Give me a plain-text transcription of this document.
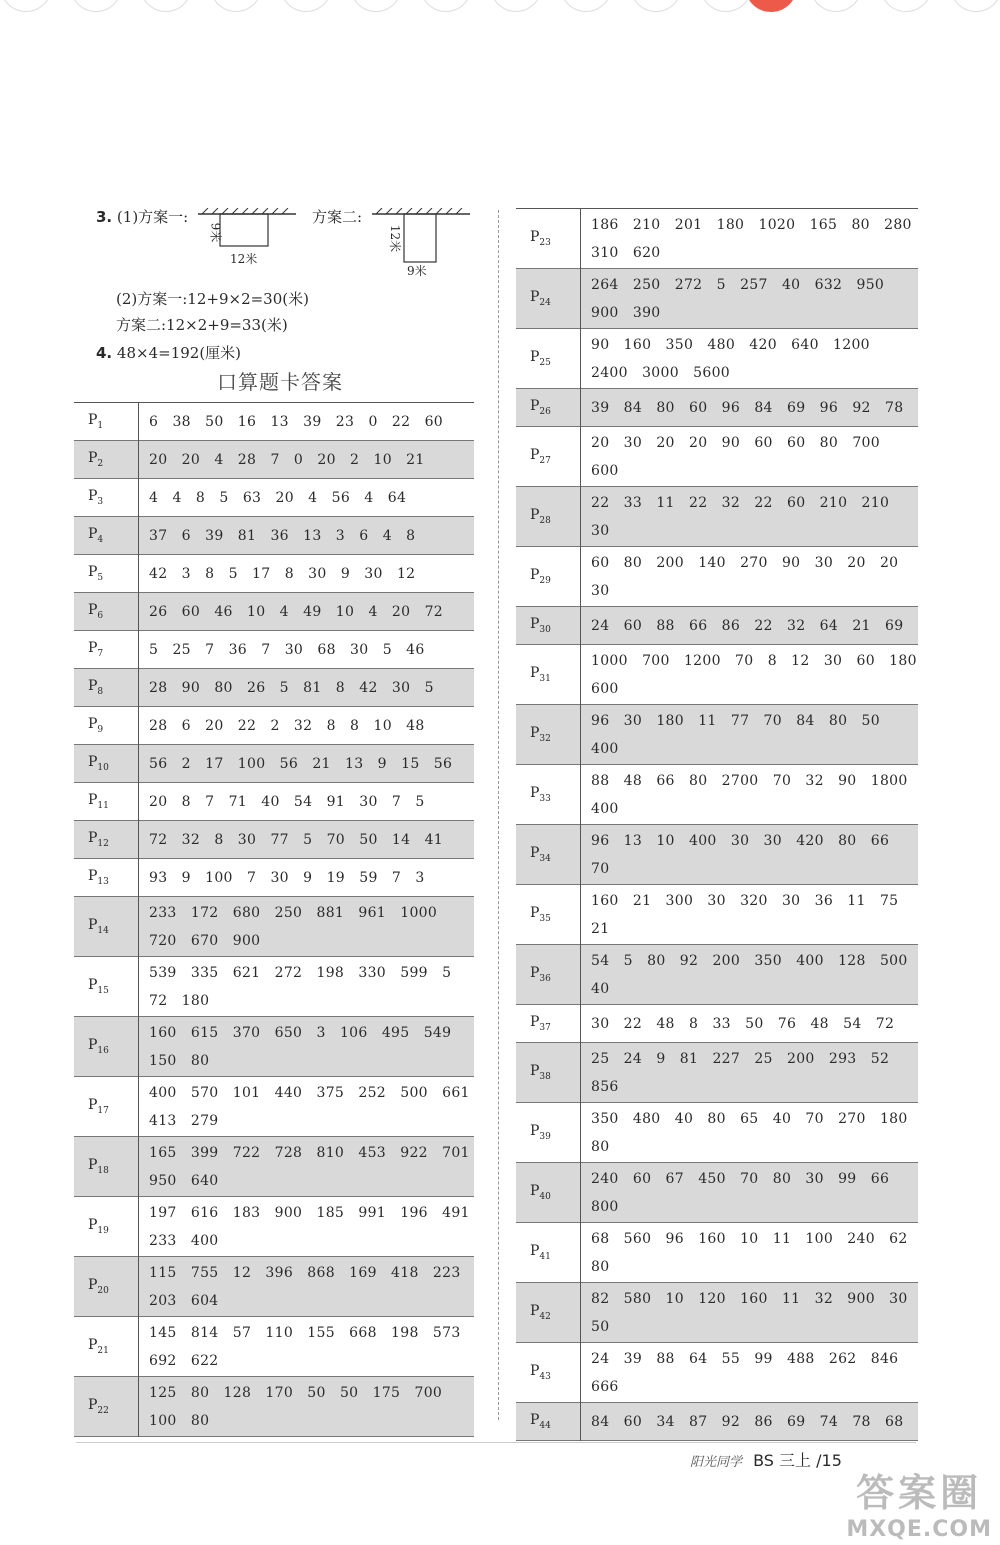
3. (1)方案一:	方案二:
9米
12米
12米
9米
(2)方案一:12+9×2=30(米)
方案二:12×2+9=33(米)
4. 48×4=192(厘米)
口算题卡答案
$P_1$	6   38   50   16   13   39   23   0   22   60

$P_2$	20   20   4   28   7   0   20   2   10   21

$P_3$	4   4   8   5   63   20   4   56   4   64

$P_4$	37   6   39   81   36   13   3   6   4   8

$P_5$	42   3   8   5   17   8   30   9   30   12

$P_6$	26   60   46   10   4   49   10   4   20   72

$P_7$	5   25   7   36   7   30   68   30   5   46

$P_8$	28   90   80   26   5   81   8   42   30   5

$P_9$	28   6   20   22   2   32   8   8   10   48

$P_{10}$	56   2   17   100   56   21   13   9   15   56

$P_{11}$	20   8   7   71   40   54   91   30   7   5

$P_{12}$	72   32   8   30   77   5   70   50   14   41

$P_{13}$	93   9   100   7   30   9   19   59   7   3

$P_{14}$	233   172   680   250   881   961   1000
720   670   900

$P_{15}$	539   335   621   272   198   330   599   5
72   180

$P_{16}$	160   615   370   650   3   106   495   549
150   80

$P_{17}$	400   570   101   440   375   252   500   661
413   279

$P_{18}$	165   399   722   728   810   453   922   701
950   640

$P_{19}$	197   616   183   900   185   991   196   491
233   400

$P_{20}$	115   755   12   396   868   169   418   223
203   604

$P_{21}$	145   814   57   110   155   668   198   573
692   622

$P_{22}$	125   80   128   170   50   50   175   700
100   80
$P_{23}$	186   210   201   180   1020   165   80   280
310   620

$P_{24}$	264   250   272   5   257   40   632   950
900   390

$P_{25}$	90   160   350   480   420   640   1200
2400   3000   5600

$P_{26}$	39   84   80   60   96   84   69   96   92   78

$P_{27}$	20   30   20   20   90   60   60   80   700
600

$P_{28}$	22   33   11   22   32   22   60   210   210
30

$P_{29}$	60   80   200   140   270   90   30   20   20
30

$P_{30}$	24   60   88   66   86   22   32   64   21   69

$P_{31}$	1000   700   1200   70   8   12   30   60   180
600

$P_{32}$	96   30   180   11   77   70   84   80   50
400

$P_{33}$	88   48   66   80   2700   70   32   90   1800
400

$P_{34}$	96   13   10   400   30   30   420   80   66
70

$P_{35}$	160   21   300   30   320   30   36   11   75
21

$P_{36}$	54   5   80   92   200   350   400   128   500
40

$P_{37}$	30   22   48   8   33   50   76   48   54   72

$P_{38}$	25   24   9   81   227   25   200   293   52
856

$P_{39}$	350   480   40   80   65   40   70   270   180
80

$P_{40}$	240   60   67   450   70   80   30   99   66
800

$P_{41}$	68   560   96   160   10   11   100   240   62
80

$P_{42}$	82   580   10   120   160   11   32   900   30
50

$P_{43}$	24   39   88   64   55   99   488   262   846
666

$P_{44}$	84   60   34   87   92   86   69   74   78   68
阳光同学 BS 三上 /15
答案圈
MXQE.COM
